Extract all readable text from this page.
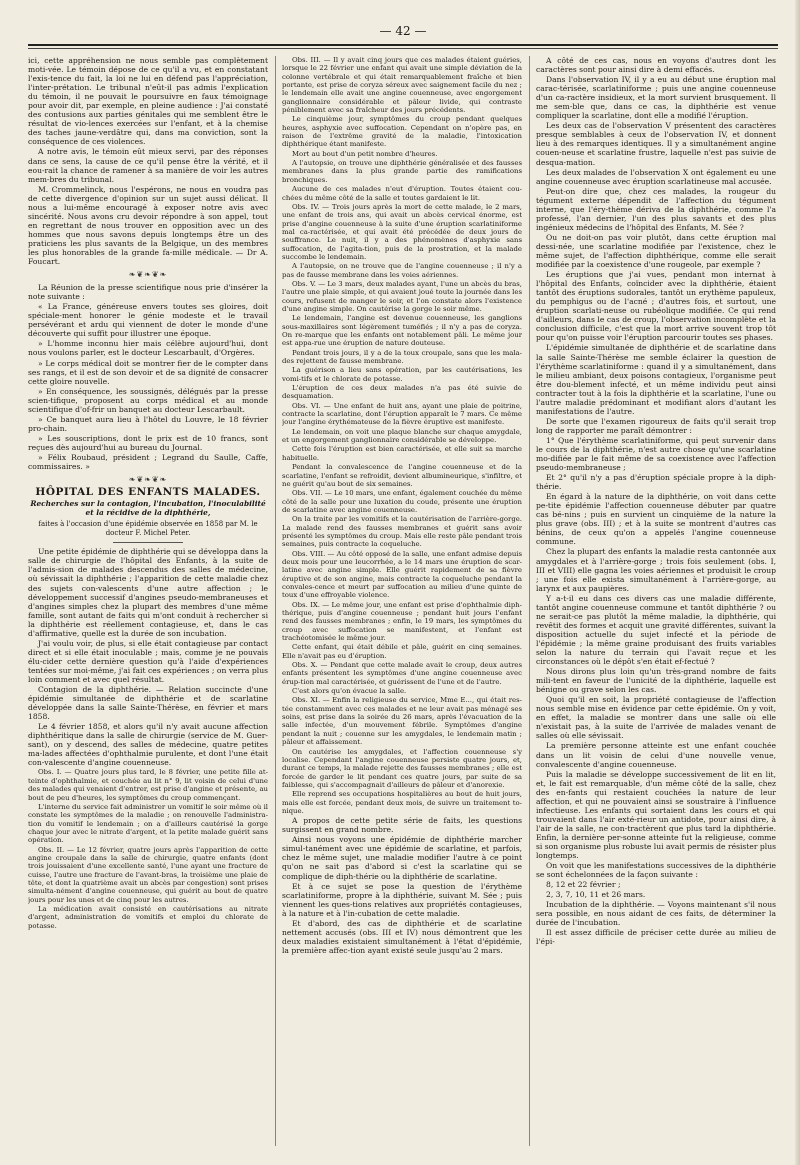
— 42 —

ici, cette appréhension ne nous semble pas complètement moti-vée. Le témoin dépose de ce qu'il a vu, et en constatant l'exis-tence du fait, la loi ne lui en défend pas l'appréciation, l'inter-prétation. Le tribunal n'eût-il pas admis l'explication du témoin, il ne pouvait le poursuivre en faux témoignage pour avoir dit, par exemple, en pleine audience : J'ai constaté des contusions aux parties génitales qui me semblent être le résultat de vio-lences exercées sur l'enfant, et à la chemise des taches jaune-verdâtre qui, dans ma conviction, sont la conséquence de ces violences.

A notre avis, le témoin eût mieux servi, par des réponses dans ce sens, la cause de ce qu'il pense être la vérité, et il eou-rait la chance de ramener à sa manière de voir les autres mem-bres du tribunal.

M. Crommelinck, nous l'espérons, ne nous en voudra pas de cette divergence d'opinion sur un sujet aussi délicat. Il nous a lui-même encouragé à exposer notre avis avec sincérité. Nous avons cru devoir répondre à son appel, tout en regrettant de nous trouver en opposition avec un des hommes que nous savons depuis longtemps être un des praticiens les plus savants de la Belgique, un des membres les plus honorables de la grande fa-mille médicale. — Dr A. Foucart.

❧❦❧❦❧

La Réunion de la presse scientifique nous prie d'insérer la note suivante :

« La France, généreuse envers toutes ses gloires, doit spéciale-ment honorer le génie modeste et le travail persévérant et ardu qui viennent de doter le monde d'une découverte qui suffit pour illustrer une époque.

» L'homme inconnu hier mais célèbre aujourd'hui, dont nous voulons parler, est le docteur Lescarbault, d'Orgères.

» Le corps médical doit se montrer fier de le compter dans ses rangs, et il est de son devoir et de sa dignité de consacrer cette gloire nouvelle.

» En conséquence, les soussignés, délégués par la presse scien-tifique, proposent au corps médical et au monde scientifique d'of-frir un banquet au docteur Lescarbault.

» Ce banquet aura lieu à l'hôtel du Louvre, le 18 février pro-chain.

» Les souscriptions, dont le prix est de 10 francs, sont reçues dès aujourd'hui au bureau du Journal.

» Félix Roubaud, président ; Legrand du Saulle, Caffe, commissaires. »

❧❦❧❦❧
HÔPITAL DES ENFANTS MALADES.
Recherches sur la contagion, l'incubation, l'inoculabilité et la récidive de la diphthérie,
faites à l'occasion d'une épidémie observée en 1858 par M. le docteur F. Michel Peter.

Une petite épidémie de diphthérie qui se développa dans la salle de chirurgie de l'hôpital des Enfants, à la suite de l'admis-sion de malades descendus des salles de médecine, où sévissait la diphthérie ; l'apparition de cette maladie chez des sujets con-valescents d'une autre affection ; le développement successif d'angines pseudo-membraneuses et d'angines simples chez la plupart des membres d'une même famille, sont autant de faits qui m'ont conduit à rechercher si la diphthérie est réellement contagieuse, et, dans le cas d'affirmative, quelle est la durée de son incubation.

J'ai voulu voir, de plus, si elle était contagieuse par contact direct et si elle était inoculable ; mais, comme je ne pouvais élu-cider cette dernière question qu'à l'aide d'expériences tentées sur moi-même, j'ai fait ces expériences ; on verra plus loin comment et avec quel résultat.

Contagion de la diphthérie. — Relation succincte d'une épidémie simultanée de diphthérie et de scarlatine développée dans la salle Sainte-Thérèse, en février et mars 1858.

Le 4 février 1858, et alors qu'il n'y avait aucune affection diphthéritique dans la salle de chirurgie (service de M. Guer-sant), on y descend, des salles de médecine, quatre petites ma-lades affectées d'ophthalmie purulente, et dont l'une était con-valescente d'angine couenneuse.

Obs. I. — Quatre jours plus tard, le 8 février, une petite fille at-teinte d'ophthalmie, et couchée au lit n° 9, lit voisin de celui d'une des malades qui venaient d'entrer, est prise d'angine et présente, au bout de peu d'heures, les symptômes du croup commençant.

L'interne du service fait administrer un vomitif le soir même où il constate les symptômes de la maladie ; on renouvelle l'administra-tion du vomitif le lendemain ; on a d'ailleurs cautérisé la gorge chaque jour avec le nitrate d'argent, et la petite malade guérit sans opération.

Obs. II. — Le 12 février, quatre jours après l'apparition de cette angine croupale dans la salle de chirurgie, quatre enfants (dont trois jouissaient d'une excellente santé, l'une ayant une fracture de cuisse, l'autre une fracture de l'avant-bras, la troisième une plaie de tête, et dont la quatrième avait un abcès par congestion) sont prises simulta-nément d'angine couenneuse, qui guérit au bout de quatre jours pour les unes et de cinq pour les autres.

La médication avait consisté en cautérisations au nitrate d'argent, administration de vomitifs et emploi du chlorate de potasse.

Obs. III. — Il y avait cinq jours que ces malades étaient guéries, lorsque le 22 février une enfant qui avait une simple déviation de la colonne vertébrale et qui était remarquablement fraîche et bien portante, est prise de coryza séreux avec saignement facile du nez ; le lendemain elle avait une angine couenneuse, avec engorgement ganglionnaire considérable et pâleur livide, qui contraste péniblement avec sa fraîcheur des jours précédents.

Le cinquième jour, symptômes du croup pendant quelques heures, asphyxie avec suffocation. Cependant on n'opère pas, en raison de l'extrême gravité de la maladie, l'intoxication diphthérique étant manifeste.

Mort au bout d'un petit nombre d'heures.

A l'autopsie, on trouve une diphthérie généralisée et des fausses membranes dans la plus grande partie des ramifications bronchiques.

Aucune de ces malades n'eut d'éruption. Toutes étaient cou-chées du même côté de la salle et toutes gardaient le lit.

Obs. IV. — Trois jours après la mort de cette malade, le 2 mars, une enfant de trois ans, qui avait un abcès cervical énorme, est prise d'angine couenneuse à la suite d'une éruption scarlatiniforme mal ca-ractérisée, et qui avait été précédée de deux jours de souffrance. Le nuit, il y a des phénomènes d'asphyxie sans suffocation, de l'agita-tion, puis de la prostration, et la malade succombe le lendemain.

A l'autopsie, on ne trouve que de l'angine couenneuse ; il n'y a pas de fausse membrane dans les voies aériennes.

Obs. V. — Le 3 mars, deux malades ayant, l'une un abcès du bras, l'autre une plaie simple, et qui avaient joué toute la journée dans les cours, refusent de manger le soir, et l'on constate alors l'existence d'une angine simple. On cautérise la gorge le soir même.

Le lendemain, l'angine est devenue couenneuse, les ganglions sous-maxillaires sont légèrement tuméfiés ; il n'y a pas de coryza. On re-marque que les enfants ont notablement pâli. Le même jour est appa-rue une éruption de nature douteuse.

Pendant trois jours, il y a de la toux croupale, sans que les mala-des rejettent de fausse membrane.

La guérison a lieu sans opération, par les cautérisations, les vomi-tifs et le chlorate de potasse.

L'éruption de ces deux malades n'a pas été suivie de desquamation.

Obs. VI. — Une enfant de huit ans, ayant une plaie de poitrine, contracte la scarlatine, dont l'éruption apparaît le 7 mars. Ce même jour l'angine érythémateuse de la fièvre éruptive est manifeste.

Le lendemain, on voit une plaque blanche sur chaque amygdale, et un engorgement ganglionnaire considérable se développe.

Cette fois l'éruption est bien caractérisée, et elle suit sa marche habituelle.

Pendant la convalescence de l'angine couenneuse et de la scarlatine, l'enfant se refroidit, devient albumineurique, s'infiltre, et ne guérit qu'au bout de six semaines.

Obs. VII. — Le 10 mars, une enfant, également couchée du même côté de la salle pour une luxation du coude, présente une éruption de scarlatine avec angine couenneuse.

On la traite par les vomitifs et la cautérisation de l'arrière-gorge. La malade rend des fausses membranes et guérit sans avoir présenté les symptômes du croup. Mais elle reste pâle pendant trois semaines, puis contracte la coqueluche.

Obs. VIII. — Au côté opposé de la salle, une enfant admise depuis deux mois pour une leucorrhée, a le 14 mars une éruption de scar-latine avec angine simple. Elle guérit rapidement de sa fièvre éruptive et de son angine, mais contracte la coqueluche pendant la convales-cence et meurt par suffocation au milieu d'une quinte de toux d'une effroyable violence.

Obs. IX. — Le même jour, une enfant est prise d'ophthalmie diph-thérique, puis d'angine couenneuse ; pendant huit jours l'enfant rend des fausses membranes ; enfin, le 19 mars, les symptômes du croup avec suffocation se manifestent, et l'enfant est trachéotomisée le même jour.

Cette enfant, qui était débile et pâle, guérit en cinq semaines. Elle n'avait pas eu d'éruption.

Obs. X. — Pendant que cette malade avait le croup, deux autres enfants présentent les symptômes d'une angine couenneuse avec érup-tion mal caractérisée, et guérissent de l'une et de l'autre.

C'est alors qu'on évacue la salle.

Obs. XI. — Enfin la religieuse du service, Mme E..., qui était res-tée constamment avec ces malades et ne leur avait pas ménagé ses soins, est prise dans la soirée du 26 mars, après l'évacuation de la salle infectée, d'un mouvement fébrile. Symptômes d'angine pendant la nuit ; couenne sur les amygdales, le lendemain matin ; pâleur et affaissement.

On cautérise les amygdales, et l'affection couenneuse s'y localise. Cependant l'angine couenneuse persiste quatre jours, et, durant ce temps, la malade rejette des fausses membranes ; elle est forcée de garder le lit pendant ces quatre jours, par suite de sa faiblesse, qui s'accompagnait d'ailleurs de pâleur et d'anorexie.

Elle reprend ses occupations hospitalières au bout de huit jours, mais elle est forcée, pendant deux mois, de suivre un traitement to-nique.

A propos de cette petite série de faits, les questions surgissent en grand nombre.

Ainsi nous voyons une épidémie de diphthérie marcher simul-tanément avec une épidémie de scarlatine, et parfois, chez le même sujet, une maladie modifier l'autre à ce point qu'on ne sait pas d'abord si c'est la scarlatine qui se complique de diph-thérie ou la diphthérie de scarlatine.

Et à ce sujet se pose la question de l'érythème scarlatiniforme, propre à la diphthérie, suivant M. Sée ; puis viennent les ques-tions relatives aux propriétés contagieuses, à la nature et à l'in-cubation de cette maladie.

Et d'abord, des cas de diphthérie et de scarlatine nettement accusés (obs. III et IV) nous démontrent que les deux maladies existaient simultanément à l'état d'épidémie, la première affec-tion ayant existé seule jusqu'au 2 mars.

A côté de ces cas, nous en voyons d'autres dont les caractères sont pour ainsi dire à demi effacés.

Dans l'observation IV, il y a eu au début une éruption mal carac-térisée, scarlatiniforme ; puis une angine couenneuse d'un ca-ractère insidieux, et la mort survient brusquement. Il me sem-ble que, dans ce cas, la diphthérie est venue compliquer la scarlatine, dont elle a modifié l'éruption.

Les deux cas de l'observation V présentent des caractères presque semblables à ceux de l'observation IV, et donnent lieu à des remarques identiques. Il y a simultanément angine couen-neuse et scarlatine frustre, laquelle n'est pas suivie de desqua-mation.

Les deux malades de l'observation X ont également eu une angine couenneuse avec éruption scarlatineuse mal accusée.

Peut-on dire que, chez ces malades, la rougeur du tégument externe dépendit de l'affection du tégument interne, que l'éry-thème dériva de la diphthérie, comme l'a professé, l'an dernier, l'un des plus savants et des plus ingénieux médecins de l'hôpital des Enfants, M. Sée ?

Ou ne doit-on pas voir plutôt, dans cette éruption mal dessi-née, une scarlatine modifiée par l'existence, chez le même sujet, de l'affection diphthérique, comme elle serait modifiée par la coexistence d'une rougeole, par exemple ?

Les éruptions que j'ai vues, pendant mon internat à l'hôpital des Enfants, coïncider avec la diphthérie, étaient tantôt des éruptions sudorales, tantôt un erythème papuleux, du pemphigus ou de l'acné ; d'autres fois, et surtout, une éruption scarlati-neuse ou rubéolique modifiée. Ce qui rend d'ailleurs, dans le cas de croup, l'observation incomplète et la conclusion difficile, c'est que la mort arrive souvent trop tôt pour qu'on puisse voir l'éruption parcourir toutes ses phases.

L'épidémie simultanée de diphthérie et de scarlatine dans la salle Sainte-Thérèse me semble éclairer la question de l'érythème scarlatiniforme : quand il y a simultanément, dans le milieu ambiant, deux poisons contagieux, l'organisme peut être dou-blement infecté, et un même individu peut ainsi contracter tout à la fois la diphthérie et la scarlatine, l'une ou l'autre maladie prédominant et modifiant alors d'autant les manifestations de l'autre.

De sorte que l'examen rigoureux de faits qu'il serait trop long de rapporter me paraît démontrer :

1° Que l'érythème scarlatiniforme, qui peut survenir dans le cours de la diphthérie, n'est autre chose qu'une scarlatine mo-difiée par le fait même de sa coexistence avec l'affection pseudo-membraneuse ;

Et 2° qu'il n'y a pas d'éruption spéciale propre à la diph-thérie.

En égard à la nature de la diphthérie, on voit dans cette pe-tite épidémie l'affection couenneuse débuter par quatre cas bé-nins ; puis en survient un cinquième de la nature la plus grave (obs. III) ; et à la suite se montrent d'autres cas bénins, de ceux qu'on a appelés l'angine couenneuse commune.

Chez la plupart des enfants la maladie resta cantonnée aux amygdales et à l'arrière-gorge ; trois fois seulement (obs. I, III et VIII) elle gagna les voies aériennes et produisit le croup ; une fois elle exista simultanément à l'arrière-gorge, au larynx et aux paupières.

Y a-t-il eu dans ces divers cas une maladie différente, tantôt angine couenneuse commune et tantôt diphthérie ? ou ne serait-ce pas plutôt la même maladie, la diphthérie, qui revêtit des formes et acquit une gravité différentes, suivant la disposition actuelle du sujet infecté et la période de l'épidémie ; la même graine produisant des fruits variables selon la nature du terrain qui l'avait reçue et les circonstances où le dépôt s'en était ef-fectué ?

Nous dirons plus loin qu'un très-grand nombre de faits mili-tent en faveur de l'unicité de la diphthérie, laquelle est bénigne ou grave selon les cas.

Quoi qu'il en soit, la propriété contagieuse de l'affection nous semble mise en évidence par cette épidémie. On y voit, en effet, la maladie se montrer dans une salle où elle n'existait pas, à la suite de l'arrivée de malades venant de salles où elle sévissait.

La première personne atteinte est une enfant couchée dans un lit voisin de celui d'une nouvelle venue, convalescente d'angine couenneuse.

Puis la maladie se développe successivement de lit en lit, et, le fait est remarquable, d'un même côté de la salle, chez des en-fants qui restaient couchées la nature de leur affection, et qui ne pouvaient ainsi se soustraire à l'influence infectieuse. Les enfants qui sortaient dans les cours et qui trouvaient dans l'air exté-rieur un antidote, pour ainsi dire, à l'air de la salle, ne con-tractèrent que plus tard la diphthérie. Enfin, la dernière per-sonne atteinte fut la religieuse, comme si son organisme plus robuste lui avait permis de résister plus longtemps.

On voit que les manifestations successives de la diphthérie se sont échelonnées de la façon suivante :

8, 12 et 22 février ;

2, 3, 7, 10, 11 et 26 mars.

Incubation de la diphthérie. — Voyons maintenant s'il nous sera possible, en nous aidant de ces faits, de déterminer la durée de l'incubation.

Il est assez difficile de préciser cette durée au milieu de l'épi-
